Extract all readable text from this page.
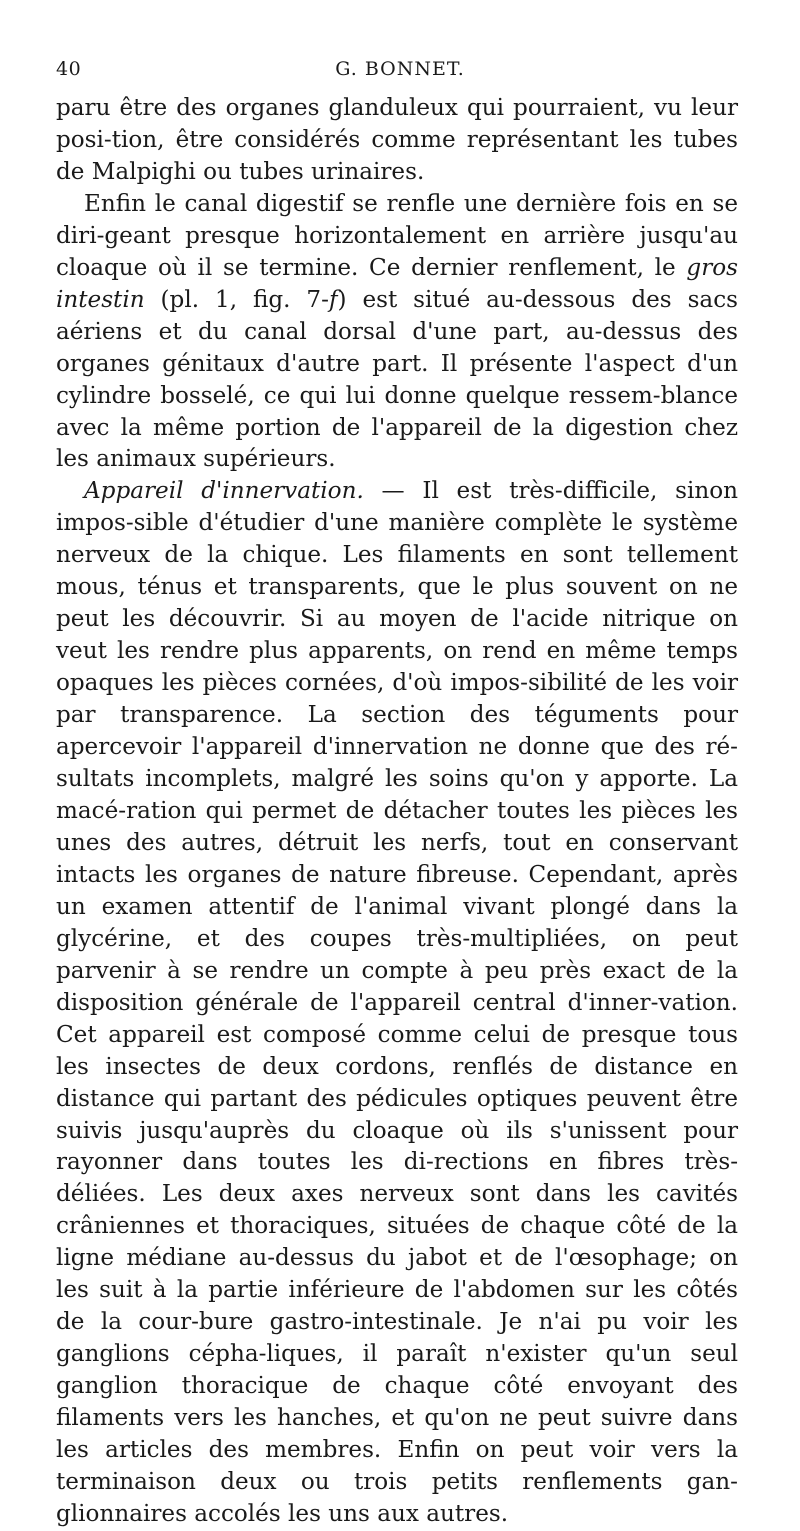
40	G. BONNET.

paru être des organes glanduleux qui pourraient, vu leur posi-tion, être considérés comme représentant les tubes de Malpighi ou tubes urinaires.

Enfin le canal digestif se renfle une dernière fois en se diri-geant presque horizontalement en arrière jusqu'au cloaque où il se termine. Ce dernier renflement, le gros intestin (pl. 1, fig. 7-f) est situé au-dessous des sacs aériens et du canal dorsal d'une part, au-dessus des organes génitaux d'autre part. Il présente l'aspect d'un cylindre bosselé, ce qui lui donne quelque ressem-blance avec la même portion de l'appareil de la digestion chez les animaux supérieurs.

Appareil d'innervation. — Il est très-difficile, sinon impos-sible d'étudier d'une manière complète le système nerveux de la chique. Les filaments en sont tellement mous, ténus et transparents, que le plus souvent on ne peut les découvrir. Si au moyen de l'acide nitrique on veut les rendre plus apparents, on rend en même temps opaques les pièces cornées, d'où impos-sibilité de les voir par transparence. La section des téguments pour apercevoir l'appareil d'innervation ne donne que des ré-sultats incomplets, malgré les soins qu'on y apporte. La macé-ration qui permet de détacher toutes les pièces les unes des autres, détruit les nerfs, tout en conservant intacts les organes de nature fibreuse. Cependant, après un examen attentif de l'animal vivant plongé dans la glycérine, et des coupes très-multipliées, on peut parvenir à se rendre un compte à peu près exact de la disposition générale de l'appareil central d'inner-vation. Cet appareil est composé comme celui de presque tous les insectes de deux cordons, renflés de distance en distance qui partant des pédicules optiques peuvent être suivis jusqu'auprès du cloaque où ils s'unissent pour rayonner dans toutes les di-rections en fibres très-déliées. Les deux axes nerveux sont dans les cavités crâniennes et thoraciques, situées de chaque côté de la ligne médiane au-dessus du jabot et de l'œsophage; on les suit à la partie inférieure de l'abdomen sur les côtés de la cour-bure gastro-intestinale. Je n'ai pu voir les ganglions cépha-liques, il paraît n'exister qu'un seul ganglion thoracique de chaque côté envoyant des filaments vers les hanches, et qu'on ne peut suivre dans les articles des membres. Enfin on peut voir vers la terminaison deux ou trois petits renflements gan-glionnaires accolés les uns aux autres.
